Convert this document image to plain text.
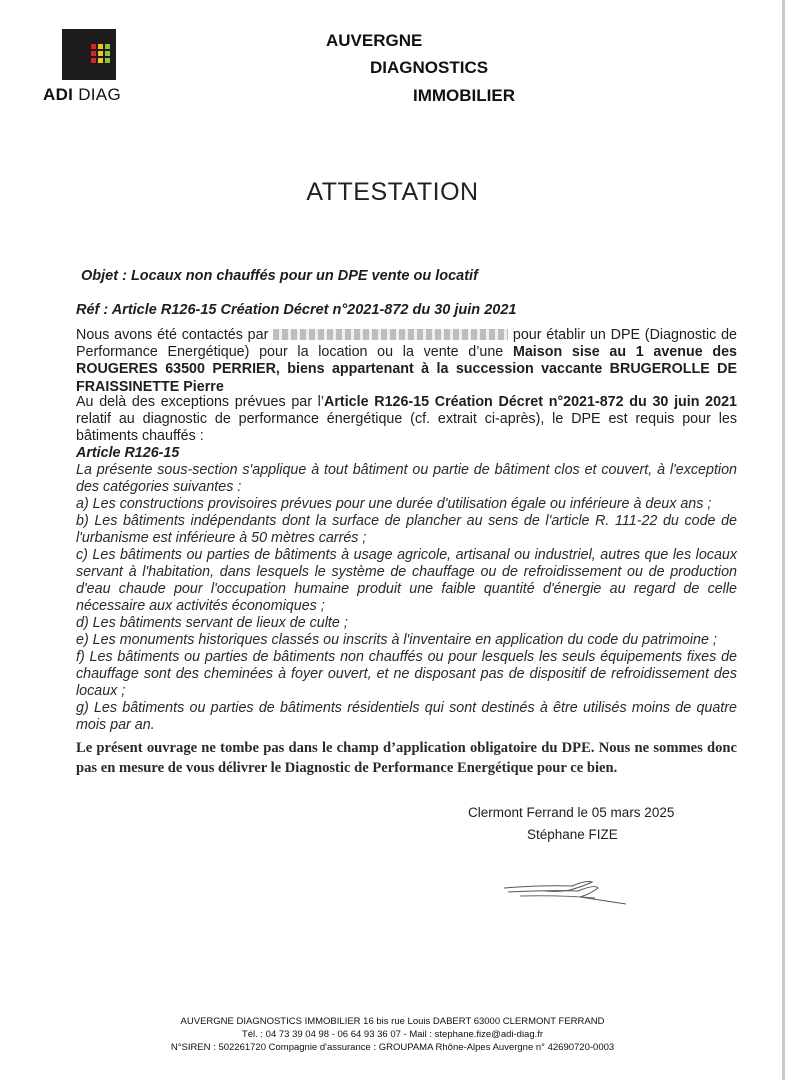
ADI DIAG
AUVERGNE
DIAGNOSTICS
IMMOBILIER
ATTESTATION
Objet : Locaux non chauffés pour un DPE vente ou locatif
Réf : Article R126-15 Création Décret n°2021-872 du 30 juin 2021
Nous avons été contactés par	pour établir un DPE (Diagnostic de Performance Energétique) pour la location ou la vente d’une Maison sise au 1 avenue des ROUGERES 63500 PERRIER, biens appartenant à la succession vaccante BRUGEROLLE DE FRAISSINETTE Pierre
Au delà des exceptions prévues par l’Article R126-15 Création Décret n°2021-872 du 30 juin 2021 relatif au diagnostic de performance énergétique (cf. extrait ci-après), le DPE est requis pour les bâtiments chauffés :
Article R126-15

La présente sous-section s'applique à tout bâtiment ou partie de bâtiment clos et couvert, à l'exception des catégories suivantes :

a) Les constructions provisoires prévues pour une durée d'utilisation égale ou inférieure à deux ans ;

b) Les bâtiments indépendants dont la surface de plancher au sens de l'article R. 111-22 du code de l'urbanisme est inférieure à 50 mètres carrés ;

c) Les bâtiments ou parties de bâtiments à usage agricole, artisanal ou industriel, autres que les locaux servant à l'habitation, dans lesquels le système de chauffage ou de refroidissement ou de production d'eau chaude pour l'occupation humaine produit une faible quantité d'énergie au regard de celle nécessaire aux activités économiques ;

d) Les bâtiments servant de lieux de culte ;

e) Les monuments historiques classés ou inscrits à l'inventaire en application du code du patrimoine ;

f) Les bâtiments ou parties de bâtiments non chauffés ou pour lesquels les seuls équipements fixes de chauffage sont des cheminées à foyer ouvert, et ne disposant pas de dispositif de refroidissement des locaux ;

g) Les bâtiments ou parties de bâtiments résidentiels qui sont destinés à être utilisés moins de quatre mois par an.

Le présent ouvrage ne tombe pas dans le champ d’application obligatoire du DPE. Nous ne sommes donc pas en mesure de vous délivrer le Diagnostic de Performance Energétique pour ce bien.
Clermont Ferrand le 05 mars 2025
Stéphane FIZE
AUVERGNE DIAGNOSTICS IMMOBILIER 16 bis rue Louis DABERT 63000 CLERMONT FERRAND
Tél. : 04 73 39 04 98 - 06 64 93 36 07 - Mail : stephane.fize@adi-diag.fr
N°SIREN : 502261720 Compagnie d'assurance : GROUPAMA Rhône-Alpes Auvergne n° 42690720-0003
